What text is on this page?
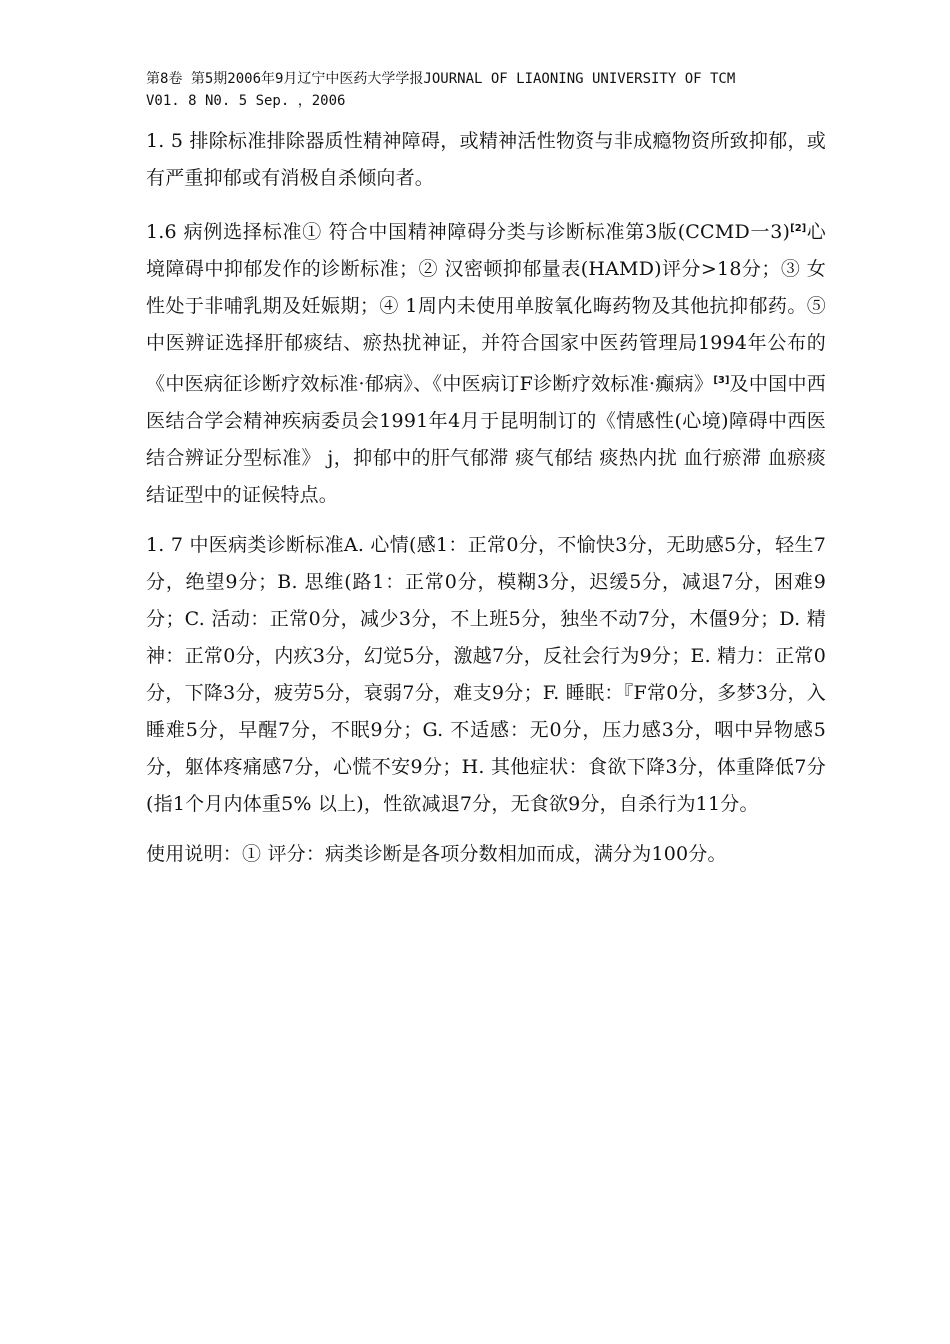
第8卷 第5期2006年9月辽宁中医药大学学报JOURNAL OF LIAONING UNIVERSITY OF TCM
V01. 8 N0. 5 Sep. ，2006

1. 5 排除标准排除器质性精神障碍，或精神活性物资与非成瘾物资所致抑郁，或有严重抑郁或有消极自杀倾向者。

1.6 病例选择标准① 符合中国精神障碍分类与诊断标准第3版(CCMD一3)[2]心境障碍中抑郁发作的诊断标准；② 汉密顿抑郁量表(HAMD)评分>18分；③ 女性处于非哺乳期及妊娠期；④ 1周内未使用单胺氧化晦药物及其他抗抑郁药。⑤ 中医辨证选择肝郁痰结、瘀热扰神证，并符合国家中医药管理局1994年公布的《中医病征诊断疗效标准·郁病》、《中医病订F诊断疗效标准·癫病》[3]及中国中西医结合学会精神疾病委员会1991年4月于昆明制订的《情感性(心境)障碍中西医结合辨证分型标准》 j，抑郁中的肝气郁滞 痰气郁结 痰热内扰 血行瘀滞 血瘀痰结证型中的证候特点。

1. 7 中医病类诊断标准A. 心情(感1：正常0分，不愉快3分，无助感5分，轻生7分，绝望9分；B. 思维(路1：正常0分，模糊3分，迟缓5分，减退7分，困难9分；C. 活动：正常0分，减少3分，不上班5分，独坐不动7分，木僵9分；D. 精神：正常0分，内疚3分，幻觉5分，激越7分，反社会行为9分；E. 精力：正常0分，下降3分，疲劳5分，衰弱7分，难支9分；F. 睡眠：『F常0分，多梦3分，入睡难5分，早醒7分，不眠9分；G. 不适感：无0分，压力感3分，咽中异物感5分，躯体疼痛感7分，心慌不安9分；H. 其他症状：食欲下降3分，体重降低7分(指1个月内体重5% 以上)，性欲减退7分，无食欲9分，自杀行为11分。

使用说明：① 评分：病类诊断是各项分数相加而成，满分为100分。
